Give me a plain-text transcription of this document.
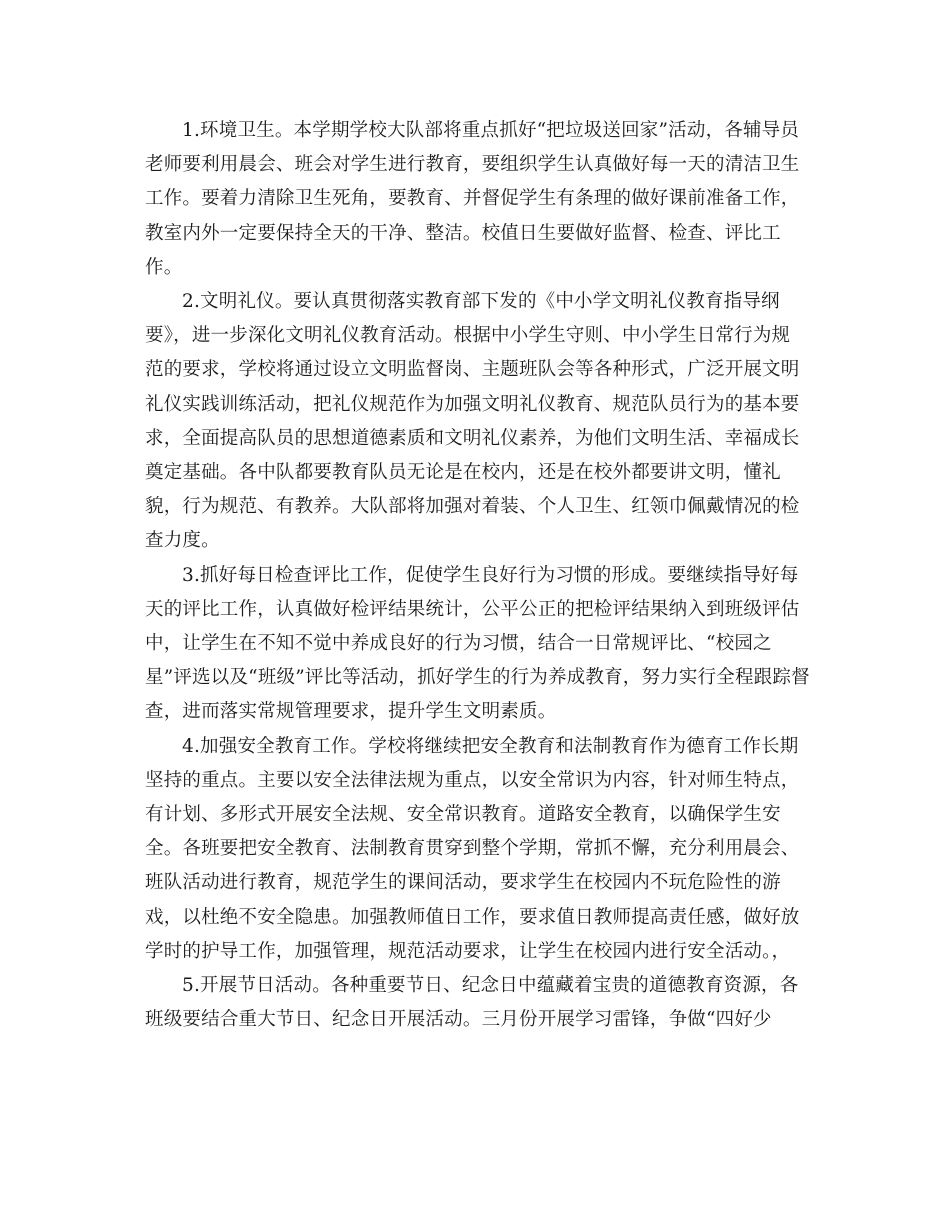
1.环境卫生。本学期学校大队部将重点抓好“把垃圾送回家”活动，各辅导员
老师要利用晨会、班会对学生进行教育，要组织学生认真做好每一天的清洁卫生
工作。要着力清除卫生死角，要教育、并督促学生有条理的做好课前准备工作，
教室内外一定要保持全天的干净、整洁。校值日生要做好监督、检查、评比工
作。
2.文明礼仪。要认真贯彻落实教育部下发的《中小学文明礼仪教育指导纲
要》，进一步深化文明礼仪教育活动。根据中小学生守则、中小学生日常行为规
范的要求，学校将通过设立文明监督岗、主题班队会等各种形式，广泛开展文明
礼仪实践训练活动，把礼仪规范作为加强文明礼仪教育、规范队员行为的基本要
求，全面提高队员的思想道德素质和文明礼仪素养，为他们文明生活、幸福成长
奠定基础。各中队都要教育队员无论是在校内，还是在校外都要讲文明，懂礼
貌，行为规范、有教养。大队部将加强对着装、个人卫生、红领巾佩戴情况的检
查力度。
3.抓好每日检查评比工作，促使学生良好行为习惯的形成。要继续指导好每
天的评比工作，认真做好检评结果统计，公平公正的把检评结果纳入到班级评估
中，让学生在不知不觉中养成良好的行为习惯，结合一日常规评比、“校园之
星”评选以及“班级”评比等活动，抓好学生的行为养成教育，努力实行全程跟踪督
查，进而落实常规管理要求，提升学生文明素质。
4.加强安全教育工作。学校将继续把安全教育和法制教育作为德育工作长期
坚持的重点。主要以安全法律法规为重点，以安全常识为内容，针对师生特点，
有计划、多形式开展安全法规、安全常识教育。道路安全教育，以确保学生安
全。各班要把安全教育、法制教育贯穿到整个学期，常抓不懈，充分利用晨会、
班队活动进行教育，规范学生的课间活动，要求学生在校园内不玩危险性的游
戏，以杜绝不安全隐患。加强教师值日工作，要求值日教师提高责任感，做好放
学时的护导工作，加强管理，规范活动要求，让学生在校园内进行安全活动。，
5.开展节日活动。各种重要节日、纪念日中蕴藏着宝贵的道德教育资源，各
班级要结合重大节日、纪念日开展活动。三月份开展学习雷锋，争做“四好少
